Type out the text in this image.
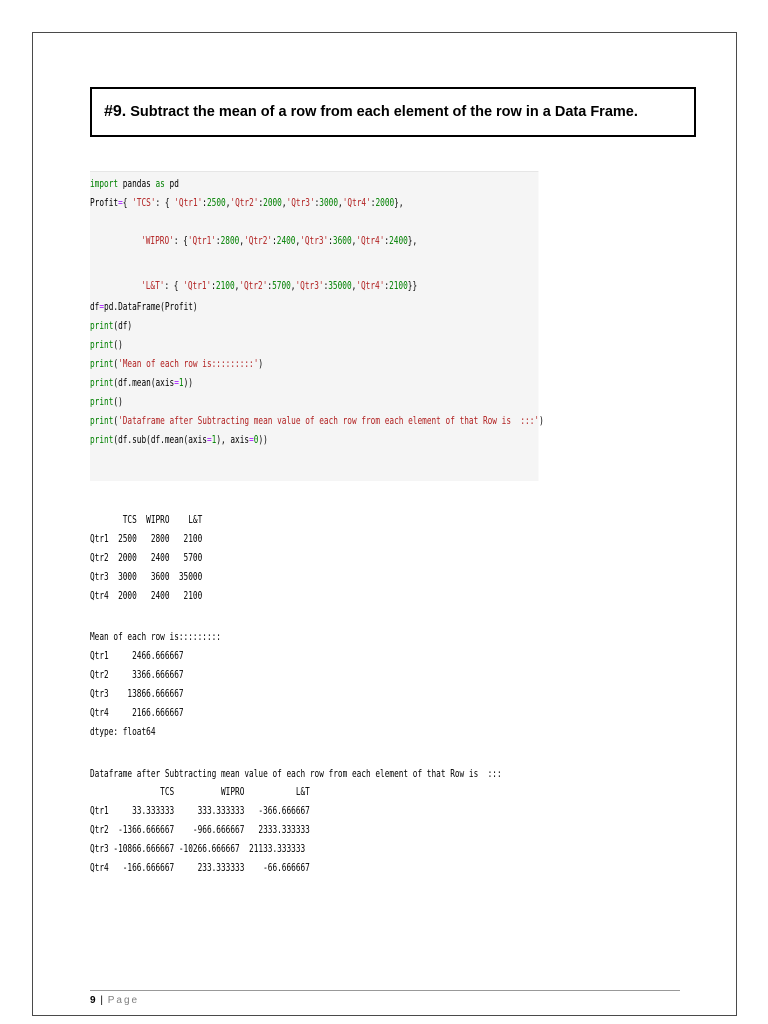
#9. Subtract the mean of a row from each element of the row in a Data Frame.
import pandas as pd
Profit={ 'TCS': { 'Qtr1':2500,'Qtr2':2000,'Qtr3':3000,'Qtr4':2000},
'WIPRO': {'Qtr1':2800,'Qtr2':2400,'Qtr3':3600,'Qtr4':2400},
'L&T': { 'Qtr1':2100,'Qtr2':5700,'Qtr3':35000,'Qtr4':2100}}
df=pd.DataFrame(Profit)
print(df)
print()
print('Mean of each row is:::::::::')
print(df.mean(axis=1))
print()
print('Dataframe after Subtracting mean value of each row from each element of that Row is  :::')
print(df.sub(df.mean(axis=1), axis=0))
TCS  WIPRO    L&T
Qtr1  2500   2800   2100
Qtr2  2000   2400   5700
Qtr3  3000   3600  35000
Qtr4  2000   2400   2100
Mean of each row is:::::::::
Qtr1     2466.666667
Qtr2     3366.666667
Qtr3    13866.666667
Qtr4     2166.666667
dtype: float64
Dataframe after Subtracting mean value of each row from each element of that Row is  :::
TCS          WIPRO           L&T
Qtr1     33.333333     333.333333   -366.666667
Qtr2  -1366.666667    -966.666667   2333.333333
Qtr3 -10866.666667 -10266.666667  21133.333333
Qtr4   -166.666667     233.333333    -66.666667
9 | Page
